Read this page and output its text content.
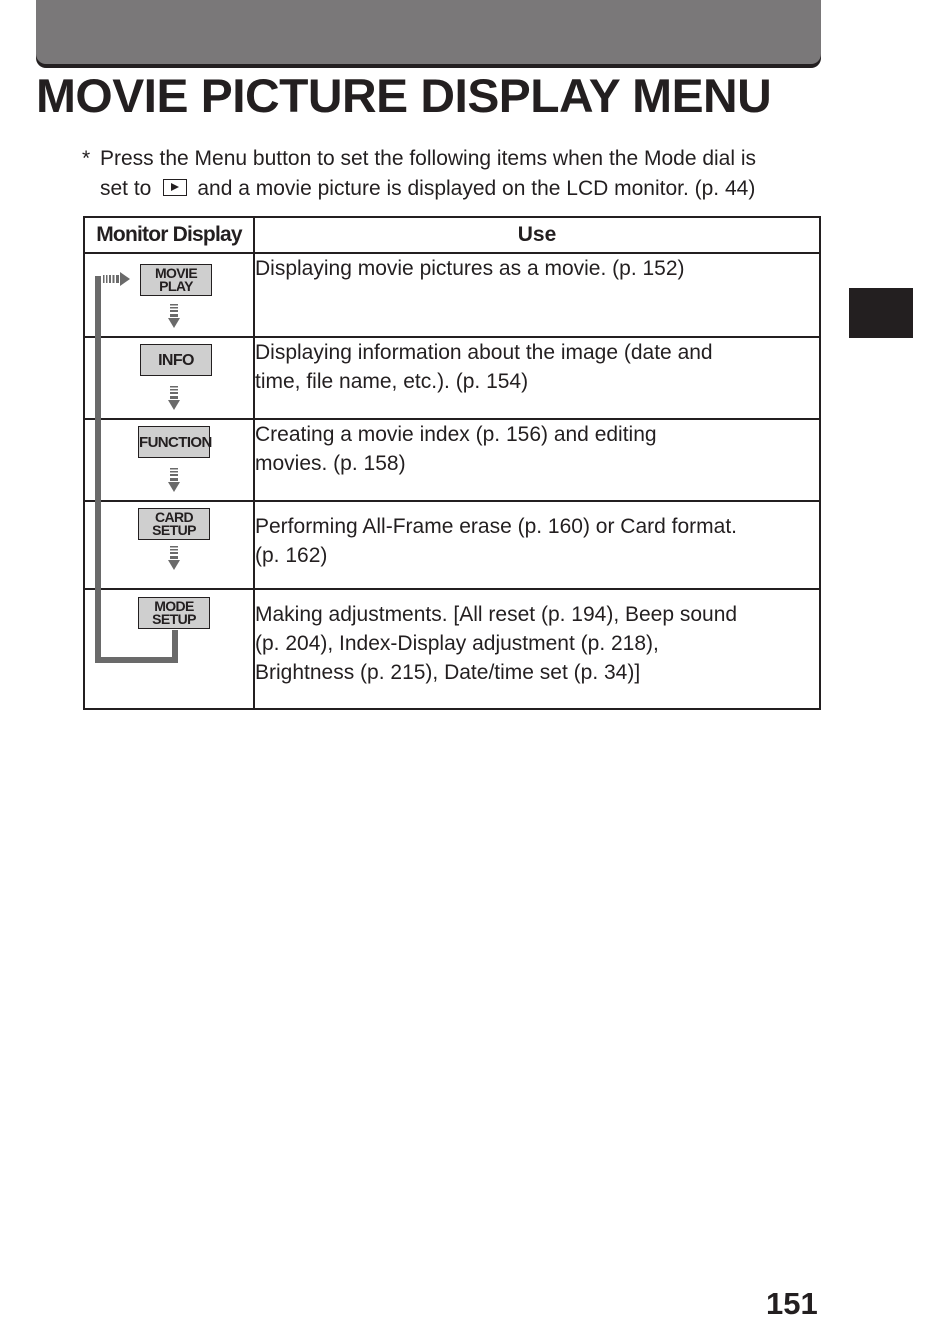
MOVIE PICTURE DISPLAY MENU
* Press the Menu button to set the following items when the Mode dial is
set to and a movie picture is displayed on the LCD monitor. (p. 44)
Monitor Display	Use

MOVIE
PLAY	Displaying movie pictures as a movie. (p. 152)

INFO	Displaying information about the image (date and
time, file name, etc.). (p. 154)

FUNCTION	Creating a movie index (p. 156) and editing
movies. (p. 158)

CARD
SETUP	Performing All-Frame erase (p. 160) or Card format.
(p. 162)

MODE
SETUP	Making adjustments. [All reset (p. 194), Beep sound
(p. 204), Index-Display adjustment (p. 218),
Brightness (p. 215), Date/time set (p. 34)]
151
